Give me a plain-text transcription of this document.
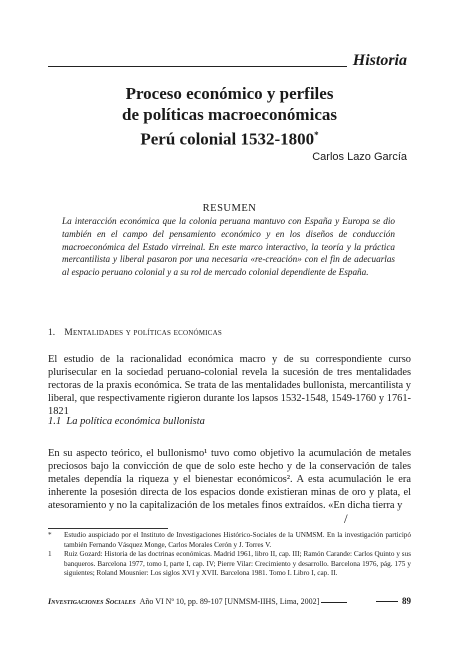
Historia
Proceso económico y perfiles
de políticas macroeconómicas
Perú colonial 1532-1800*
Carlos Lazo García
RESUMEN
La interacción económica que la colonia peruana mantuvo con España y Europa se dio también en el campo del pensamiento económico y en los diseños de conducción macroeconómica del Estado virreinal. En este marco interactivo, la teoría y la práctica mercantilista y liberal pasaron por una necesaria «re-creación» con el fin de adecuarlas al espacio peruano colonial y a su rol de mercado colonial dependiente de España.
1. Mentalidades y políticas económicas
El estudio de la racionalidad económica macro y de su correspondiente curso plurisecular en la sociedad peruano-colonial revela la sucesión de tres mentalidades rectoras de la praxis económica. Se trata de las mentalidades bullonista, mercantilista y liberal, que respectivamente rigieron durante los lapsos 1532-1548, 1549-1760 y 1761-1821
1.1 La política económica bullonista
En su aspecto teórico, el bullonismo¹ tuvo como objetivo la acumulación de metales preciosos bajo la convicción de que de solo este hecho y de la conservación de tales metales dependía la riqueza y el bienestar económicos². A esta acumulación le era inherente la posesión directa de los espacios donde existieran minas de oro y plata, el atesoramiento y no la capitalización de los metales finos extraídos. «En dicha tierra y
/
*	Estudio auspiciado por el Instituto de Investigaciones Histórico-Sociales de la UNMSM. En la investigación participó también Fernando Vásquez Monge, Carlos Morales Cerón y J. Torres V.
1	Ruiz Gozard: Historia de las doctrinas económicas. Madrid 1961, libro II, cap. III; Ramón Carande: Carlos Quinto y sus banqueros. Barcelona 1977, tomo I, parte I, cap. IV; Pierre Vilar: Crecimiento y desarrollo. Barcelona 1976, pág. 175 y siguientes; Roland Mousnier: Los siglos XVI y XVII. Barcelona 1981. Tomo I. Libro I, cap. II.
Investigaciones Sociales Año VI Nº 10, pp. 89-107 [UNMSM-IIHS, Lima, 2002]	89
